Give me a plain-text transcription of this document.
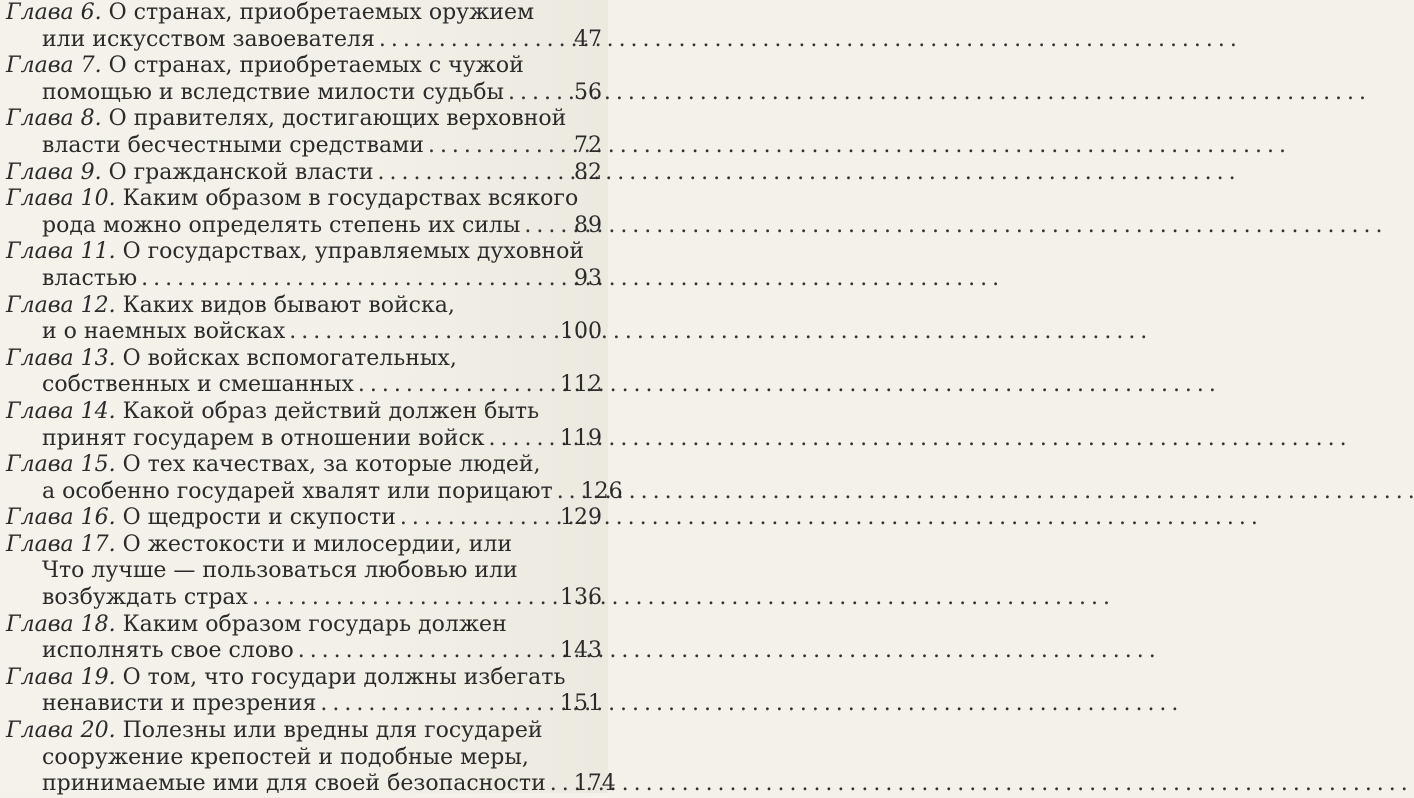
Глава 6.
О странах, приобретаемых оружием
или искусством завоевателя . . .	47
Глава 7.
О странах, приобретаемых с чужой
помощью и вследствие милости судьбы . . .	56
Глава 8.
О правителях, достигающих верховной
власти бесчестными средствами . . .	72
Глава 9.
О гражданской власти . . .	82
Глава 10.
Каким образом в государствах всякого
рода можно определять степень их силы . . .	89
Глава 11.
О государствах, управляемых духовной
властью . . .	93
Глава 12.
Каких видов бывают войска,
и о наемных войсках . . .	100
Глава 13.
О войсках вспомогательных,
собственных и смешанных . . .	112
Глава 14.
Какой образ действий должен быть
принят государем в отношении войск . . .	119
Глава 15.
О тех качествах, за которые людей,
а особенно государей хвалят или порицают . . . 126
Глава 16.
О щедрости и скупости . . .	129
Глава 17.
О жестокости и милосердии, или
Что лучше — пользоваться любовью или
возбуждать страх . . .	136
Глава 18.
Каким образом государь должен
исполнять свое слово . . .	143
Глава 19.
О том, что государи должны избегать
ненависти и презрения . . .	151
Глава 20.
Полезны или вредны для государей
сооружение крепостей и подобные меры,
принимаемые ими для своей безопасности . . . 174
